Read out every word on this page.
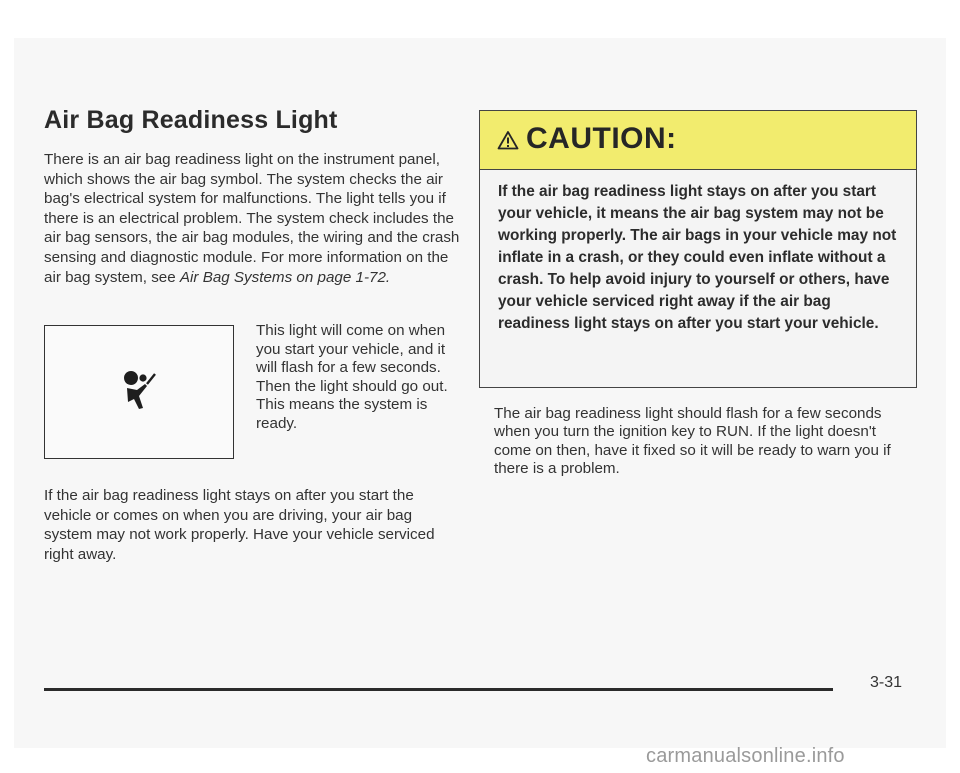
Air Bag Readiness Light

There is an air bag readiness light on the instrument panel, which shows the air bag symbol. The system checks the air bag's electrical system for malfunctions. The light tells you if there is an electrical problem. The system check includes the air bag sensors, the air bag modules, the wiring and the crash sensing and diagnostic module. For more information on the air bag system, see Air Bag Systems on page 1-72.

This light will come on when you start your vehicle, and it will flash for a few seconds. Then the light should go out. This means the system is ready.

If the air bag readiness light stays on after you start the vehicle or comes on when you are driving, your air bag system may not work properly. Have your vehicle serviced right away.

CAUTION:

If the air bag readiness light stays on after you start your vehicle, it means the air bag system may not be working properly. The air bags in your vehicle may not inflate in a crash, or they could even inflate without a crash. To help avoid injury to yourself or others, have your vehicle serviced right away if the air bag readiness light stays on after you start your vehicle.

The air bag readiness light should flash for a few seconds when you turn the ignition key to RUN. If the light doesn't come on then, have it fixed so it will be ready to warn you if there is a problem.

3-31
carmanualsonline.info
